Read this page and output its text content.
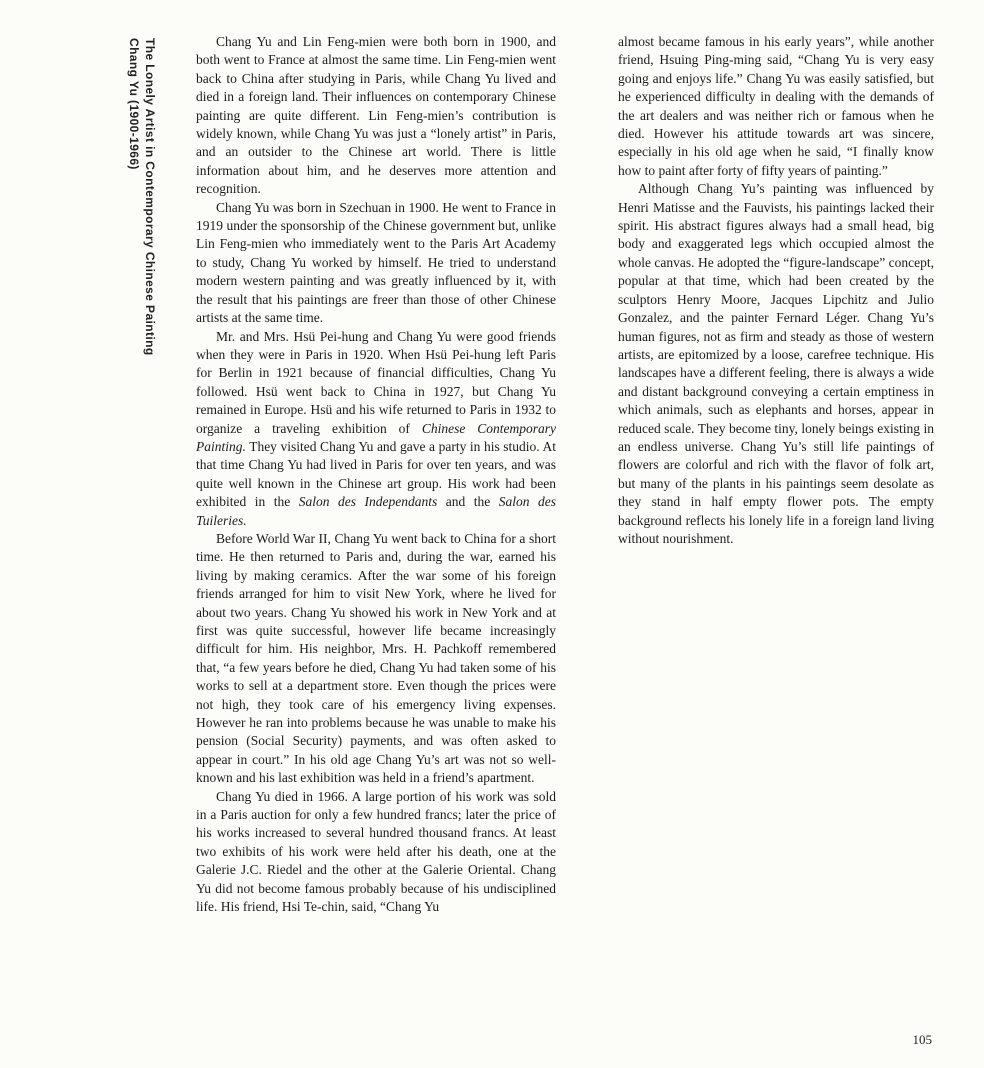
Chang Yu (1900-1966) The Lonely Artist in Contemporary Chinese Painting	Chang Yu and Lin Feng-mien were both born in 1900, and both went to France at almost the same time. Lin Feng-mien went back to China after studying in Paris, while Chang Yu lived and died in a foreign land. Their influences on contemporary Chinese painting are quite different. Lin Feng-mien’s contribution is widely known, while Chang Yu was just a “lonely artist” in Paris, and an outsider to the Chinese art world. There is little information about him, and he deserves more attention and recognition.

Chang Yu was born in Szechuan in 1900. He went to France in 1919 under the sponsorship of the Chinese government but, unlike Lin Feng-mien who immediately went to the Paris Art Academy to study, Chang Yu worked by himself. He tried to understand modern western painting and was greatly influenced by it, with the result that his paintings are freer than those of other Chinese artists at the same time.

Mr. and Mrs. Hsü Pei-hung and Chang Yu were good friends when they were in Paris in 1920. When Hsü Pei-hung left Paris for Berlin in 1921 because of financial difficulties, Chang Yu followed. Hsü went back to China in 1927, but Chang Yu remained in Europe. Hsü and his wife returned to Paris in 1932 to organize a traveling exhibition of Chinese Contemporary Painting. They visited Chang Yu and gave a party in his studio. At that time Chang Yu had lived in Paris for over ten years, and was quite well known in the Chinese art group. His work had been exhibited in the Salon des Independants and the Salon des Tuileries.

Before World War II, Chang Yu went back to China for a short time. He then returned to Paris and, during the war, earned his living by making ceramics. After the war some of his foreign friends arranged for him to visit New York, where he lived for about two years. Chang Yu showed his work in New York and at first was quite successful, however life became increasingly difficult for him. His neighbor, Mrs. H. Pachkoff remembered that, “a few years before he died, Chang Yu had taken some of his works to sell at a department store. Even though the prices were not high, they took care of his emergency living expenses. However he ran into problems because he was unable to make his pension (Social Security) payments, and was often asked to appear in court.” In his old age Chang Yu’s art was not so well-known and his last exhibition was held in a friend’s apartment.

Chang Yu died in 1966. A large portion of his work was sold in a Paris auction for only a few hundred francs; later the price of his works increased to several hundred thousand francs. At least two exhibits of his work were held after his death, one at the Galerie J.C. Riedel and the other at the Galerie Oriental. Chang Yu did not become famous probably because of his undisciplined life. His friend, Hsi Te-chin, said, “Chang Yu

almost became famous in his early years”, while another friend, Hsuing Ping-ming said, “Chang Yu is very easy going and enjoys life.” Chang Yu was easily satisfied, but he experienced difficulty in dealing with the demands of the art dealers and was neither rich or famous when he died. However his attitude towards art was sincere, especially in his old age when he said, “I finally know how to paint after forty of fifty years of painting.”

Although Chang Yu’s painting was influenced by Henri Matisse and the Fauvists, his paintings lacked their spirit. His abstract figures always had a small head, big body and exaggerated legs which occupied almost the whole canvas. He adopted the “figure-landscape” concept, popular at that time, which had been created by the sculptors Henry Moore, Jacques Lipchitz and Julio Gonzalez, and the painter Fernard Léger. Chang Yu’s human figures, not as firm and steady as those of western artists, are epitomized by a loose, carefree technique. His landscapes have a different feeling, there is always a wide and distant background conveying a certain emptiness in which animals, such as elephants and horses, appear in reduced scale. They become tiny, lonely beings existing in an endless universe. Chang Yu’s still life paintings of flowers are colorful and rich with the flavor of folk art, but many of the plants in his paintings seem desolate as they stand in half empty flower pots. The empty background reflects his lonely life in a foreign land living without nourishment.

105
